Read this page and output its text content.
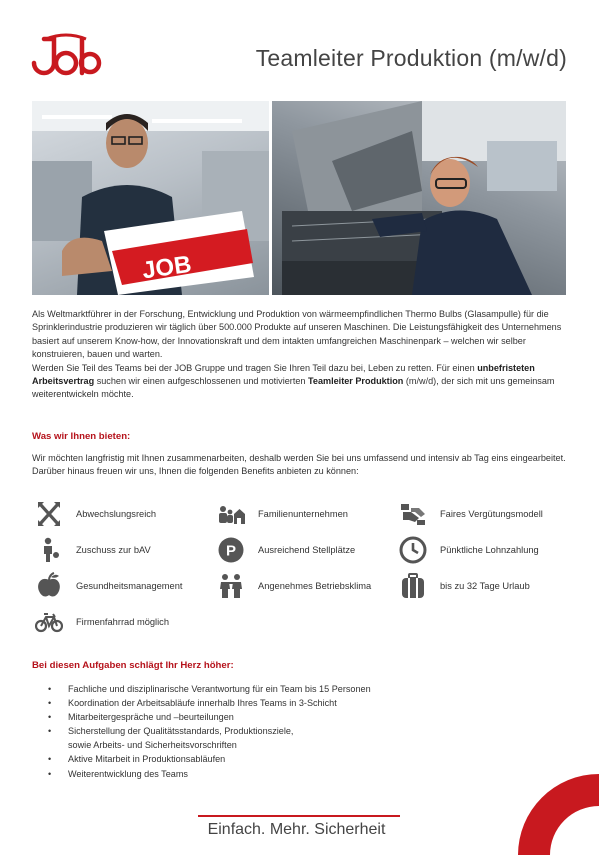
Teamleiter Produktion (m/w/d)
JOB

Als Weltmarktführer in der Forschung, Entwicklung und Produktion von wärmeempfindlichen Thermo Bulbs (Glasampulle) für die Sprinklerindustrie produzieren wir täglich über 500.000 Produkte auf unseren Maschinen. Die Leistungsfähigkeit des Unternehmens basiert auf unserem Know-how, der Innovationskraft und dem intakten umfangreichen Maschinenpark – welchen wir selber konstruieren, bauen und warten.

Werden Sie Teil des Teams bei der JOB Gruppe und tragen Sie Ihren Teil dazu bei, Leben zu retten. Für einen unbefristeten Arbeitsvertrag suchen wir einen aufgeschlossenen und motivierten Teamleiter Produktion (m/w/d), der sich mit uns gemeinsam weiterentwickeln möchte.

Was wir Ihnen bieten:
Wir möchten langfristig mit Ihnen zusammenarbeiten, deshalb werden Sie bei uns umfassend und intensiv ab Tag eins eingearbeitet. Darüber hinaus freuen wir uns, Ihnen die folgenden Benefits anbieten zu können:
Abwechslungsreich	Familienunternehmen	Faires Vergütungsmodell
Zuschuss zur bAV	P Ausreichend Stellplätze	Pünktliche Lohnzahlung
Gesundheitsmanagement	Angenehmes Betriebsklima	bis zu 32 Tage Urlaub
Firmenfahrrad möglich
Bei diesen Aufgaben schlägt Ihr Herz höher:
• Fachliche und disziplinarische Verantwortung für ein Team bis 15 Personen
• Koordination der Arbeitsabläufe innerhalb Ihres Teams in 3-Schicht
• Mitarbeitergespräche und –beurteilungen
• Sicherstellung der Qualitätsstandards, Produktionsziele,
sowie Arbeits- und Sicherheitsvorschriften
• Aktive Mitarbeit in Produktionsabläufen
• Weiterentwicklung des Teams
Einfach. Mehr. Sicherheit
